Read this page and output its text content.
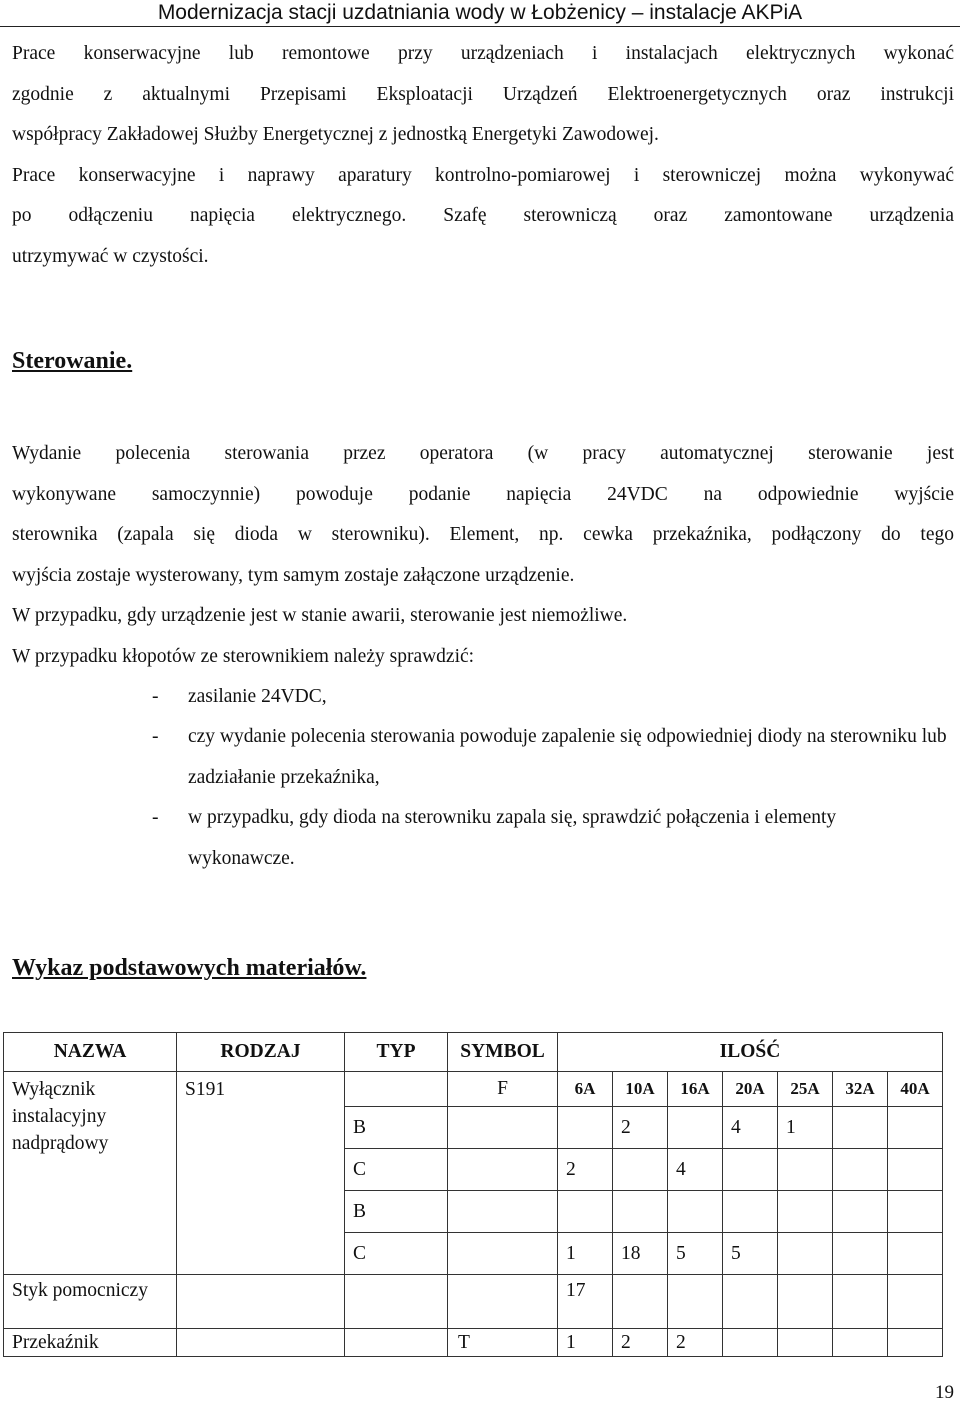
Modernizacja stacji uzdatniania wody w Łobżenicy – instalacje AKPiA
Prace konserwacyjne lub remontowe przy urządzeniach i instalacjach elektrycznych wykonać
zgodnie z aktualnymi Przepisami Eksploatacji Urządzeń Elektroenergetycznych oraz instrukcji
współpracy Zakładowej Służby Energetycznej z jednostką Energetyki Zawodowej.
Prace konserwacyjne i naprawy aparatury kontrolno-pomiarowej i sterowniczej można wykonywać
po odłączeniu napięcia elektrycznego. Szafę sterowniczą oraz zamontowane urządzenia
utrzymywać w czystości.
Sterowanie.
Wydanie polecenia sterowania przez operatora (w pracy automatycznej sterowanie jest
wykonywane samoczynnie) powoduje podanie napięcia 24VDC na odpowiednie wyjście
sterownika (zapala się dioda w sterowniku). Element, np. cewka przekaźnika, podłączony do tego
wyjścia zostaje wysterowany, tym samym zostaje załączone urządzenie.
W przypadku, gdy urządzenie jest w stanie awarii, sterowanie jest niemożliwe.
W przypadku kłopotów ze sterownikiem należy sprawdzić:
- zasilanie 24VDC,
- czy wydanie polecenia sterowania powoduje zapalenie się odpowiedniej diody na sterowniku lub zadziałanie przekaźnika,
- w przypadku, gdy dioda na sterowniku zapala się, sprawdzić połączenia i elementy wykonawcze.
Wykaz podstawowych materiałów.
NAZWA	RODZAJ	TYP	SYMBOL	ILOŚĆ						
Wyłącznik instalacyjny nadprądowy	S191		F	6A	10A	16A	20A	25A	32A	40A
		B			2		4	1		
		C		2		4				
		B								
		C		1	18	5	5			
Styk pomocniczy				17						
Przekaźnik			T	1	2	2				
19
